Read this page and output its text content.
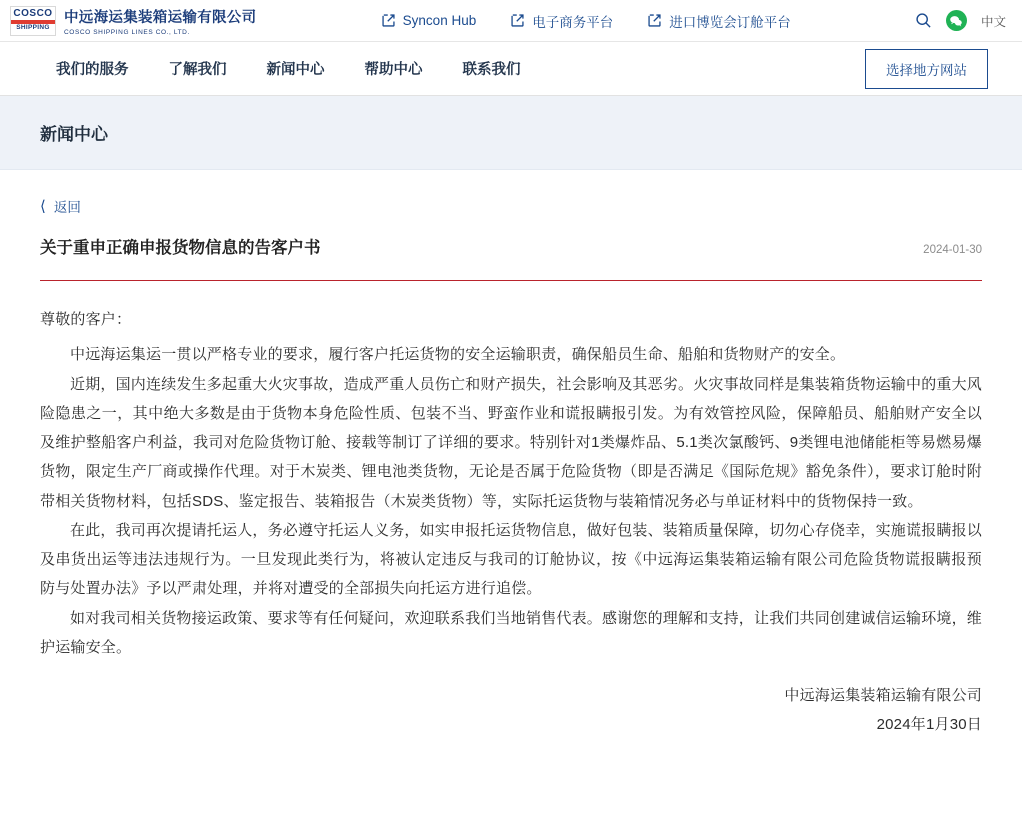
COSCO
SHIPPING
中远海运集装箱运输有限公司
COSCO SHIPPING LINES CO., LTD.
Syncon Hub	电子商务平台	进口博览会订舱平台	中文
我们的服务	了解我们	新闻中心	帮助中心	联系我们	选择地方网站
新闻中心
⟨ 返回
关于重申正确申报货物信息的告客户书	2024-01-30

尊敬的客户：

中远海运集运一贯以严格专业的要求，履行客户托运货物的安全运输职责，确保船员生命、船舶和货物财产的安全。

近期，国内连续发生多起重大火灾事故，造成严重人员伤亡和财产损失，社会影响及其恶劣。火灾事故同样是集装箱货物运输中的重大风险隐患之一，其中绝大多数是由于货物本身危险性质、包装不当、野蛮作业和谎报瞒报引发。为有效管控风险，保障船员、船舶财产安全以及维护整船客户利益，我司对危险货物订舱、接载等制订了详细的要求。特别针对1类爆炸品、5.1类次氯酸钙、9类锂电池储能柜等易燃易爆货物，限定生产厂商或操作代理。对于木炭类、锂电池类货物，无论是否属于危险货物（即是否满足《国际危规》豁免条件），要求订舱时附带相关货物材料，包括SDS、鉴定报告、装箱报告（木炭类货物）等，实际托运货物与装箱情况务必与单证材料中的货物保持一致。

在此，我司再次提请托运人，务必遵守托运人义务，如实申报托运货物信息，做好包装、装箱质量保障，切勿心存侥幸，实施谎报瞒报以及串货出运等违法违规行为。一旦发现此类行为，将被认定违反与我司的订舱协议，按《中远海运集装箱运输有限公司危险货物谎报瞒报预防与处置办法》予以严肃处理，并将对遭受的全部损失向托运方进行追偿。

如对我司相关货物接运政策、要求等有任何疑问，欢迎联系我们当地销售代表。感谢您的理解和支持，让我们共同创建诚信运输环境，维护运输安全。

中远海运集装箱运输有限公司
2024年1月30日
